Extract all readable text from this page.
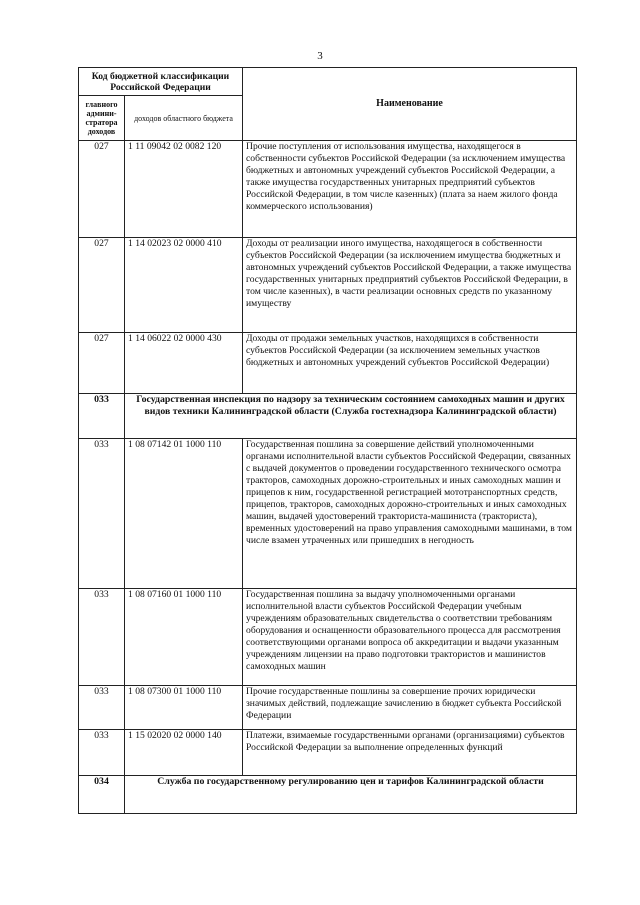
3
Код бюджетной классификации Российской Федерации		Наименование
главного админи-стратора доходов	доходов областного бюджета	
027	1 11 09042 02 0082 120	Прочие поступления от использования имущества, находящегося в собственности субъектов Российской Федерации (за исключением имущества бюджетных и автономных учреждений субъектов Российской Федерации, а также имущества государственных унитарных предприятий субъектов Российской Федерации, в том числе казенных) (плата за наем жилого фонда коммерческого использования)
027	1 14 02023 02 0000 410	Доходы от реализации иного имущества, находящегося в собственности субъектов Российской Федерации (за исключением имущества бюджетных и автономных учреждений субъектов Российской Федерации, а также имущества государственных унитарных предприятий субъектов Российской Федерации, в том числе казенных), в части реализации основных средств по указанному имуществу
027	1 14 06022 02 0000 430	Доходы от продажи земельных участков, находящихся в собственности субъектов Российской Федерации (за исключением земельных участков бюджетных и автономных учреждений субъектов Российской Федерации)
033	Государственная инспекция по надзору за техническим состоянием самоходных машин и других видов техники Калининградской области (Служба гостехнадзора Калининградской области)	
033	1 08 07142 01 1000 110	Государственная пошлина за совершение действий уполномоченными органами исполнительной власти субъектов Российской Федерации, связанных с выдачей документов о проведении государственного технического осмотра тракторов, самоходных дорожно-строительных и иных самоходных машин и прицепов к ним, государственной регистрацией мототранспортных средств, прицепов, тракторов, самоходных дорожно-строительных и иных самоходных машин, выдачей удостоверений тракториста-машиниста (тракториста), временных удостоверений на право управления самоходными машинами, в том числе взамен утраченных или пришедших в негодность
033	1 08 07160 01 1000 110	Государственная пошлина за выдачу уполномоченными органами исполнительной власти субъектов Российской Федерации учебным учреждениям образовательных свидетельства о соответствии требованиям оборудования и оснащенности образовательного процесса для рассмотрения соответствующими органами вопроса об аккредитации и выдачи указанным учреждениям лицензии на право подготовки трактористов и машинистов самоходных машин
033	1 08 07300 01 1000 110	Прочие государственные пошлины за совершение прочих юридически значимых действий, подлежащие зачислению в бюджет субъекта Российской Федерации
033	1 15 02020 02 0000 140	Платежи, взимаемые государственными органами (организациями) субъектов Российской Федерации за выполнение определенных функций
034	Служба по государственному регулированию цен и тарифов Калининградской области	
